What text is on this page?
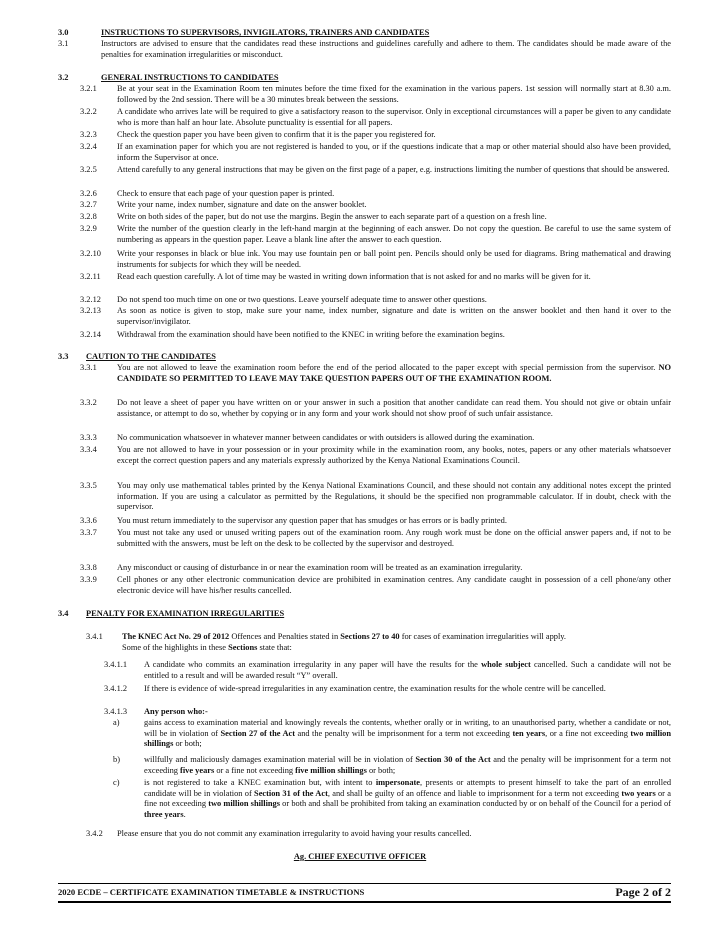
3.0	INSTRUCTIONS TO SUPERVISORS, INVIGILATORS, TRAINERS AND CANDIDATES
3.1	Instructors are advised to ensure that the candidates read these instructions and guidelines carefully and adhere to them. The candidates should be made aware of the penalties for examination irregularities or misconduct.
3.2	GENERAL INSTRUCTIONS TO CANDIDATES
3.2.1	Be at your seat in the Examination Room ten minutes before the time fixed for the examination in the various papers. 1st session will normally start at 8.30 a.m. followed by the 2nd session. There will be a 30 minutes break between the sessions.
3.2.2	A candidate who arrives late will be required to give a satisfactory reason to the supervisor. Only in exceptional circumstances will a paper be given to any candidate who is more than half an hour late. Absolute punctuality is essential for all papers.
3.2.3	Check the question paper you have been given to confirm that it is the paper you registered for.
3.2.4	If an examination paper for which you are not registered is handed to you, or if the questions indicate that a map or other material should also have been provided, inform the Supervisor at once.
3.2.5	Attend carefully to any general instructions that may be given on the first page of a paper, e.g. instructions limiting the number of questions that should be answered.
3.2.6	Check to ensure that each page of your question paper is printed.
3.2.7	Write your name, index number, signature and date on the answer booklet.
3.2.8	Write on both sides of the paper, but do not use the margins. Begin the answer to each separate part of a question on a fresh line.
3.2.9	Write the number of the question clearly in the left-hand margin at the beginning of each answer. Do not copy the question. Be careful to use the same system of numbering as appears in the question paper. Leave a blank line after the answer to each question.
3.2.10	Write your responses in black or blue ink. You may use fountain pen or ball point pen. Pencils should only be used for diagrams. Bring mathematical and drawing instruments for subjects for which they will be needed.
3.2.11	Read each question carefully. A lot of time may be wasted in writing down information that is not asked for and no marks will be given for it.
3.2.12	Do not spend too much time on one or two questions. Leave yourself adequate time to answer other questions.
3.2.13	As soon as notice is given to stop, make sure your name, index number, signature and date is written on the answer booklet and then hand it over to the supervisor/invigilator.
3.2.14	Withdrawal from the examination should have been notified to the KNEC in writing before the examination begins.
3.3	CAUTION TO THE CANDIDATES
3.3.1	You are not allowed to leave the examination room before the end of the period allocated to the paper except with special permission from the supervisor. NO CANDIDATE SO PERMITTED TO LEAVE MAY TAKE QUESTION PAPERS OUT OF THE EXAMINATION ROOM.
3.3.2	Do not leave a sheet of paper you have written on or your answer in such a position that another candidate can read them. You should not give or obtain unfair assistance, or attempt to do so, whether by copying or in any form and your work should not show proof of such unfair assistance.
3.3.3	No communication whatsoever in whatever manner between candidates or with outsiders is allowed during the examination.
3.3.4	You are not allowed to have in your possession or in your proximity while in the examination room, any books, notes, papers or any other materials whatsoever except the correct question papers and any materials expressly authorized by the Kenya National Examinations Council.
3.3.5	You may only use mathematical tables printed by the Kenya National Examinations Council, and these should not contain any additional notes except the printed information. If you are using a calculator as permitted by the Regulations, it should be the specified non programmable calculator. If in doubt, check with the supervisor.
3.3.6	You must return immediately to the supervisor any question paper that has smudges or has errors or is badly printed.
3.3.7	You must not take any used or unused writing papers out of the examination room. Any rough work must be done on the official answer papers and, if not to be submitted with the answers, must be left on the desk to be collected by the supervisor and destroyed.
3.3.8	Any misconduct or causing of disturbance in or near the examination room will be treated as an examination irregularity.
3.3.9	Cell phones or any other electronic communication device are prohibited in examination centres. Any candidate caught in possession of a cell phone/any other electronic device will have his/her results cancelled.
3.4	PENALTY FOR EXAMINATION IRREGULARITIES
3.4.1	The KNEC Act No. 29 of 2012 Offences and Penalties stated in Sections 27 to 40 for cases of examination irregularities will apply.
Some of the highlights in these Sections state that:
3.4.1.1	A candidate who commits an examination irregularity in any paper will have the results for the whole subject cancelled. Such a candidate will not be entitled to a result and will be awarded result “Y” overall.
3.4.1.2	If there is evidence of wide-spread irregularities in any examination centre, the examination results for the whole centre will be cancelled.
3.4.1.3	Any person who:-
a)	gains access to examination material and knowingly reveals the contents, whether orally or in writing, to an unauthorised party, whether a candidate or not, will be in violation of Section 27 of the Act and the penalty will be imprisonment for a term not exceeding ten years, or a fine not exceeding two million shillings or both;
b)	willfully and maliciously damages examination material will be in violation of Section 30 of the Act and the penalty will be imprisonment for a term not exceeding five years or a fine not exceeding five million shillings or both;
c)	is not registered to take a KNEC examination but, with intent to impersonate, presents or attempts to present himself to take the part of an enrolled candidate will be in violation of Section 31 of the Act, and shall be guilty of an offence and liable to imprisonment for a term not exceeding two years or a fine not exceeding two million shillings or both and shall be prohibited from taking an examination conducted by or on behalf of the Council for a period of three years.
3.4.2	Please ensure that you do not commit any examination irregularity to avoid having your results cancelled.
Ag. CHIEF EXECUTIVE OFFICER
2020 ECDE – CERTIFICATE EXAMINATION TIMETABLE & INSTRUCTIONS	Page 2 of 2
